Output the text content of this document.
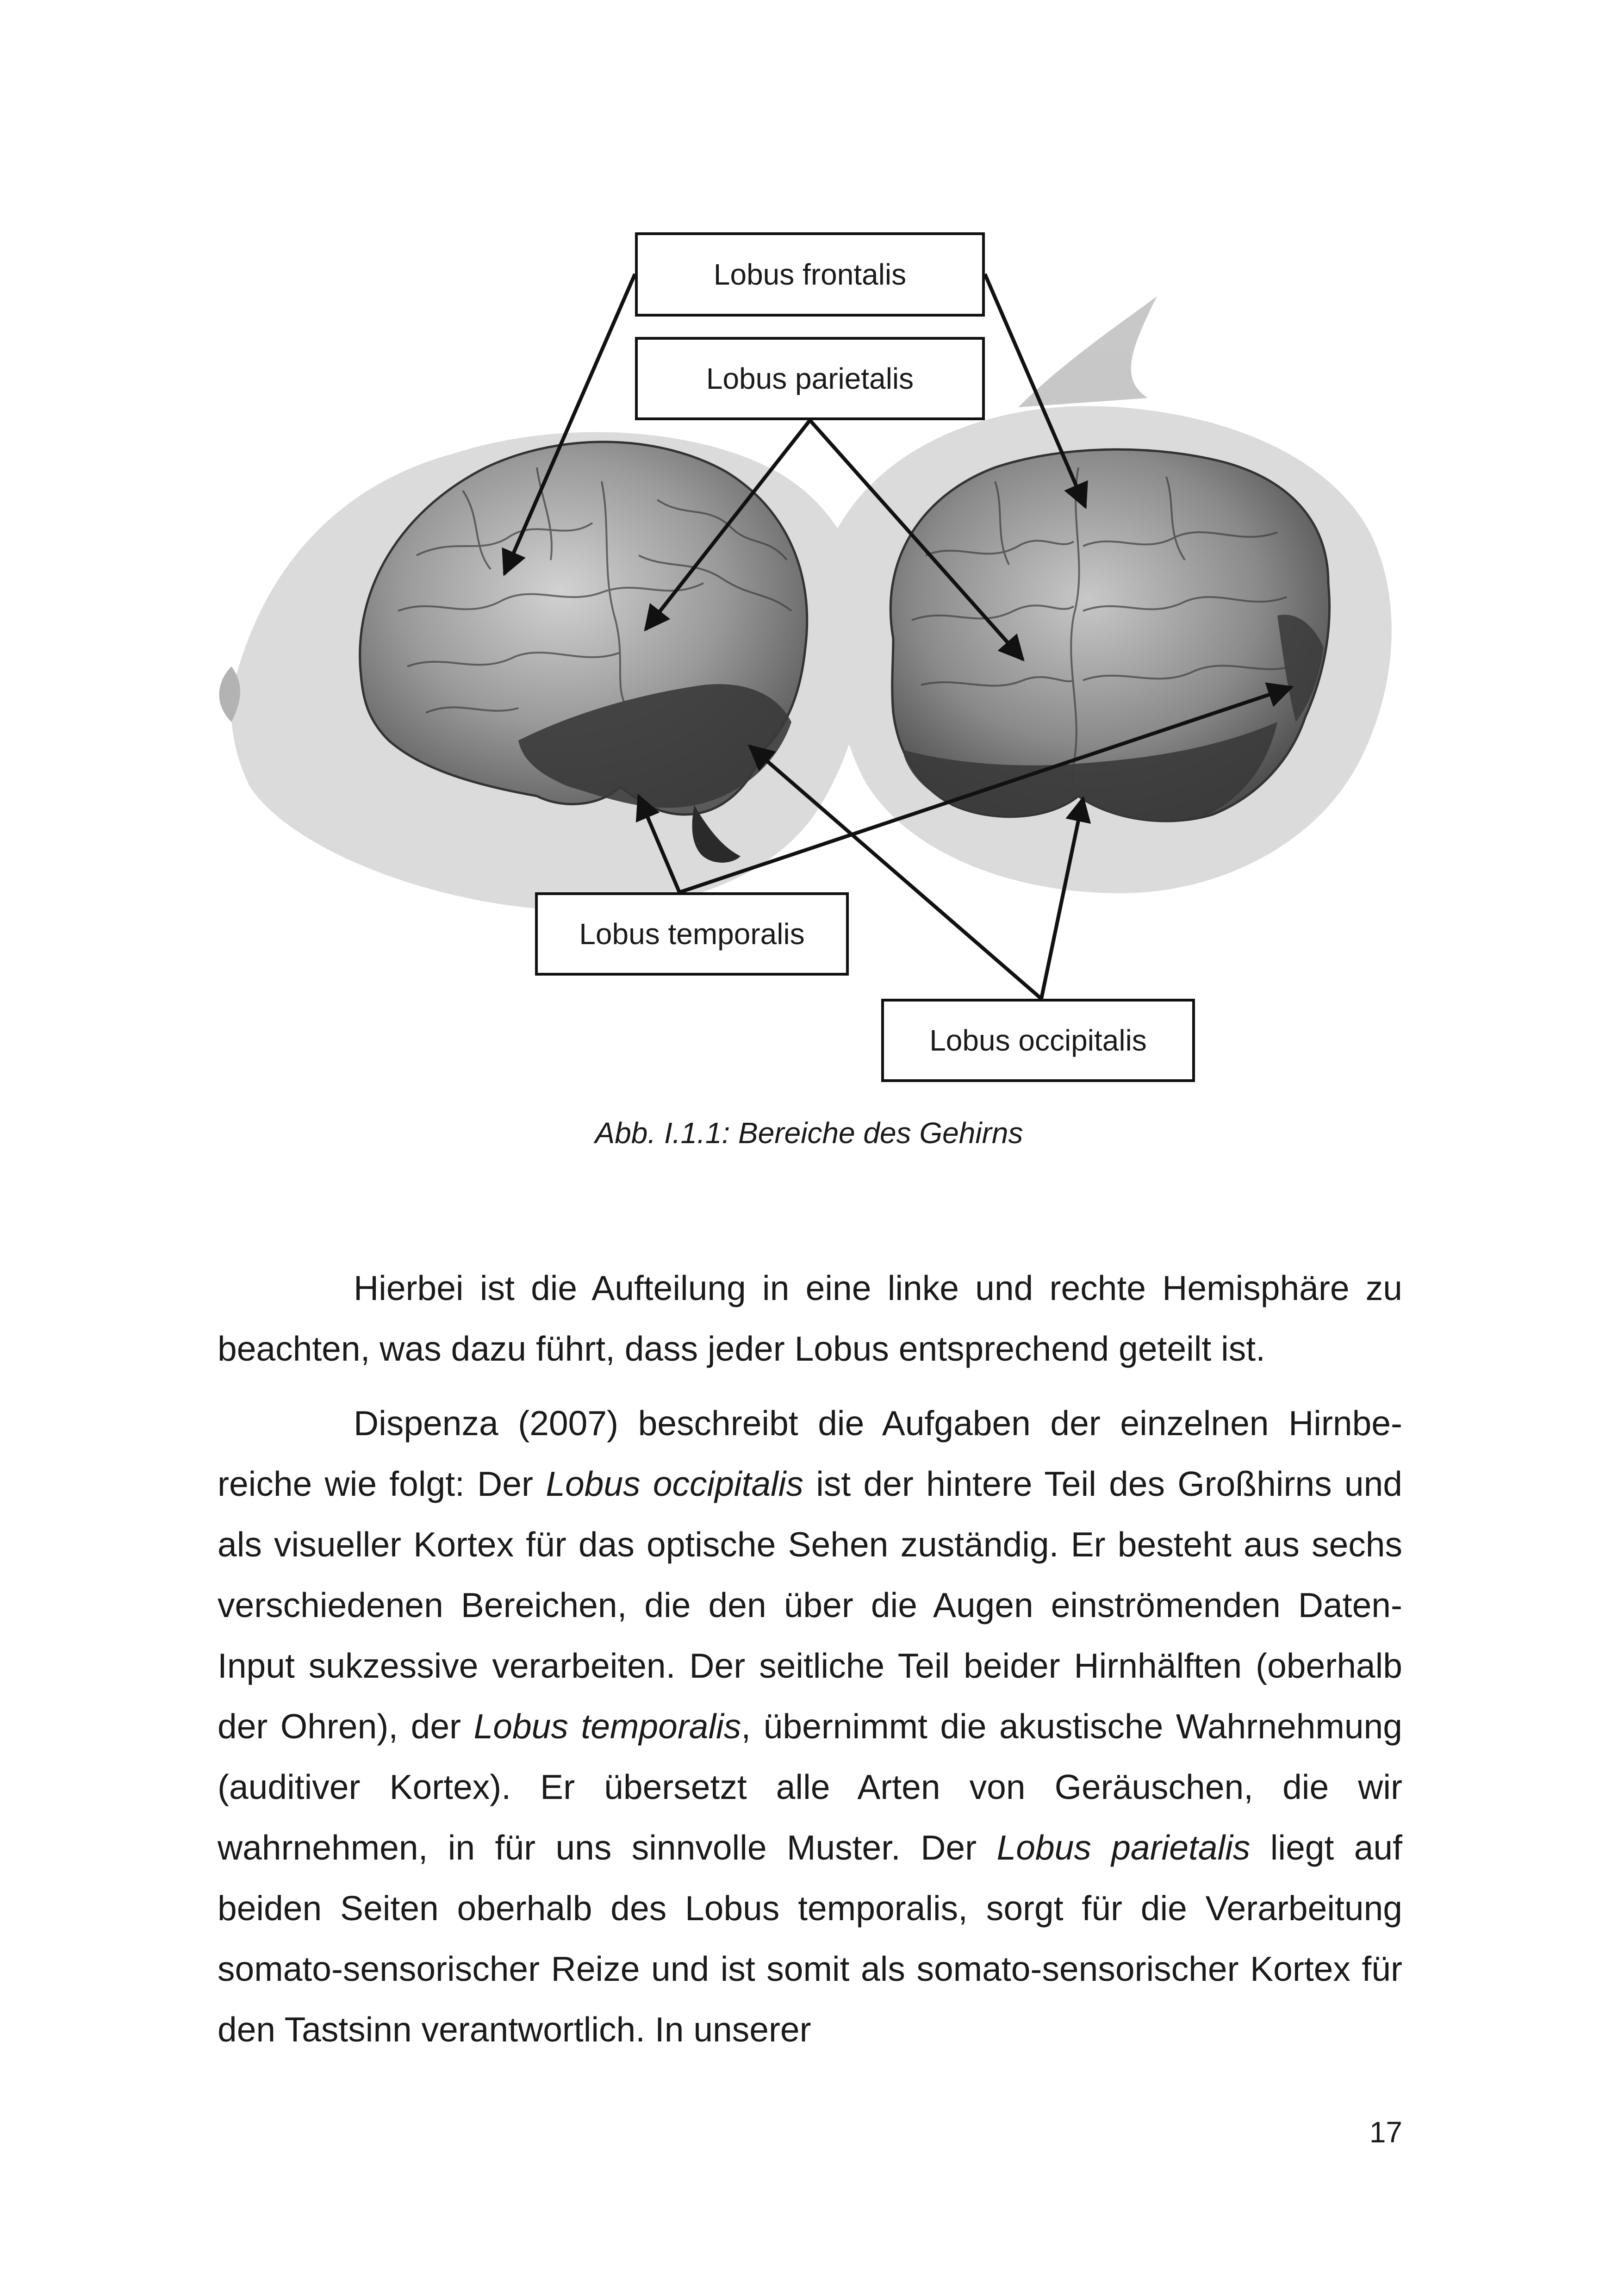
Lobus frontalis
Lobus parietalis
Lobus temporalis
Lobus occipitalis
Abb. I.1.1: Bereiche des Gehirns

Hierbei ist die Aufteilung in eine linke und rechte Hemisphäre zu beachten, was dazu führt, dass jeder Lobus entsprechend geteilt ist.

Dispenza (2007) beschreibt die Aufgaben der einzelnen Hirnbereiche wie folgt: Der Lobus occipitalis ist der hintere Teil des Großhirns und als visueller Kortex für das optische Sehen zuständig. Er besteht aus sechs verschiedenen Bereichen, die den über die Augen einströmenden Daten-Input sukzessive verarbeiten. Der seitliche Teil beider Hirnhälften (oberhalb der Ohren), der Lobus temporalis, übernimmt die akustische Wahrnehmung (auditiver Kortex). Er übersetzt alle Arten von Geräuschen, die wir wahrnehmen, in für uns sinnvolle Muster. Der Lobus parietalis liegt auf beiden Seiten oberhalb des Lobus temporalis, sorgt für die Verarbeitung somato-sensorischer Reize und ist somit als somato-sensorischer Kortex für den Tastsinn verantwortlich. In unserer

17
